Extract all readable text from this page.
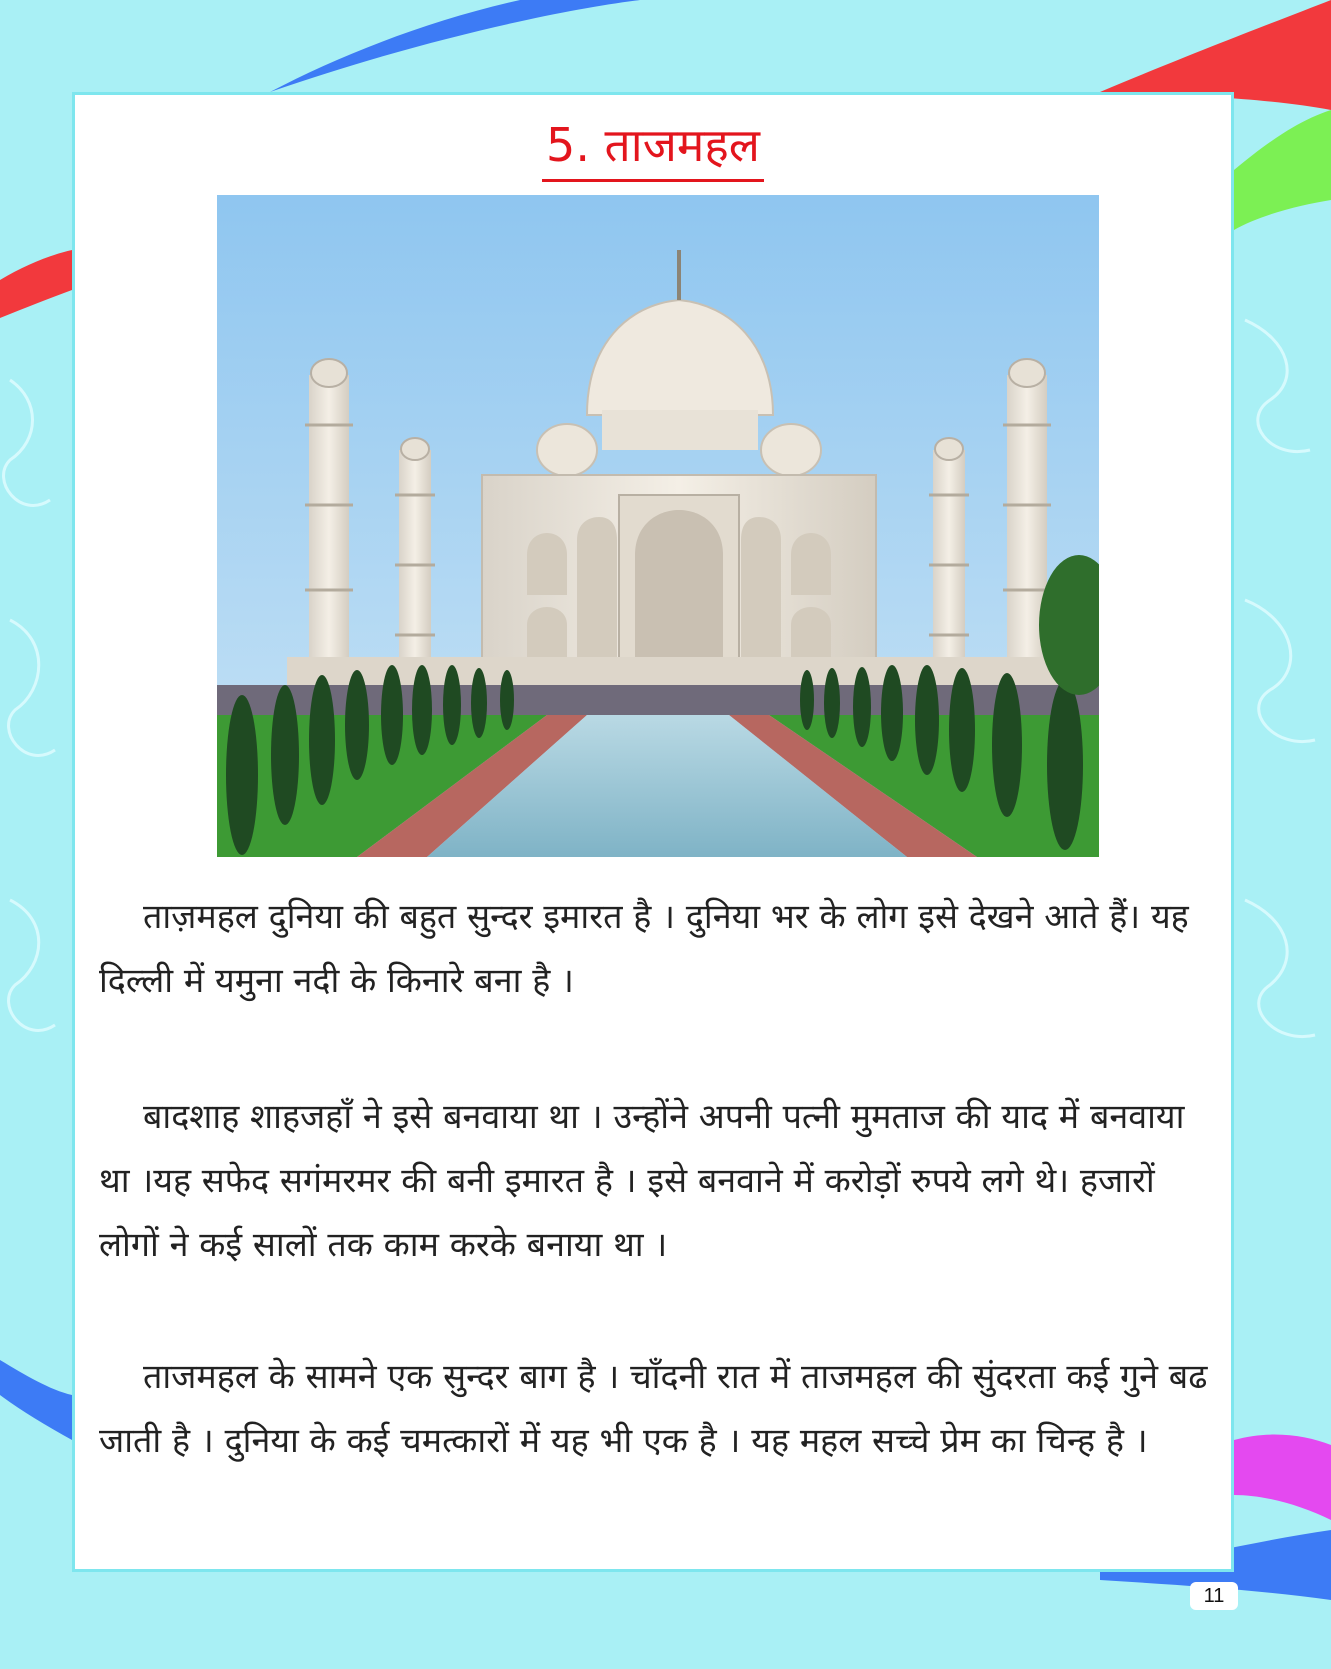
5. ताजमहल

ताज़महल दुनिया की बहुत सुन्दर इमारत है । दुनिया भर के लोग इसे देखने आते हैं। यह दिल्ली में यमुना नदी के किनारे बना है ।

बादशाह शाहजहाँ ने इसे बनवाया था । उन्होंने अपनी पत्नी मुमताज की याद में बनवाया था ।यह सफेद सगंमरमर की बनी इमारत है । इसे बनवाने में करोड़ों रुपये लगे थे। हजारों लोगों ने कई सालों तक काम करके बनाया था ।

ताजमहल के सामने एक सुन्दर बाग है । चाँदनी रात में ताजमहल की सुंदरता कई गुने बढ जाती है । दुनिया के कई चमत्कारों में यह भी एक है । यह महल सच्चे प्रेम का चिन्ह है ।

11
